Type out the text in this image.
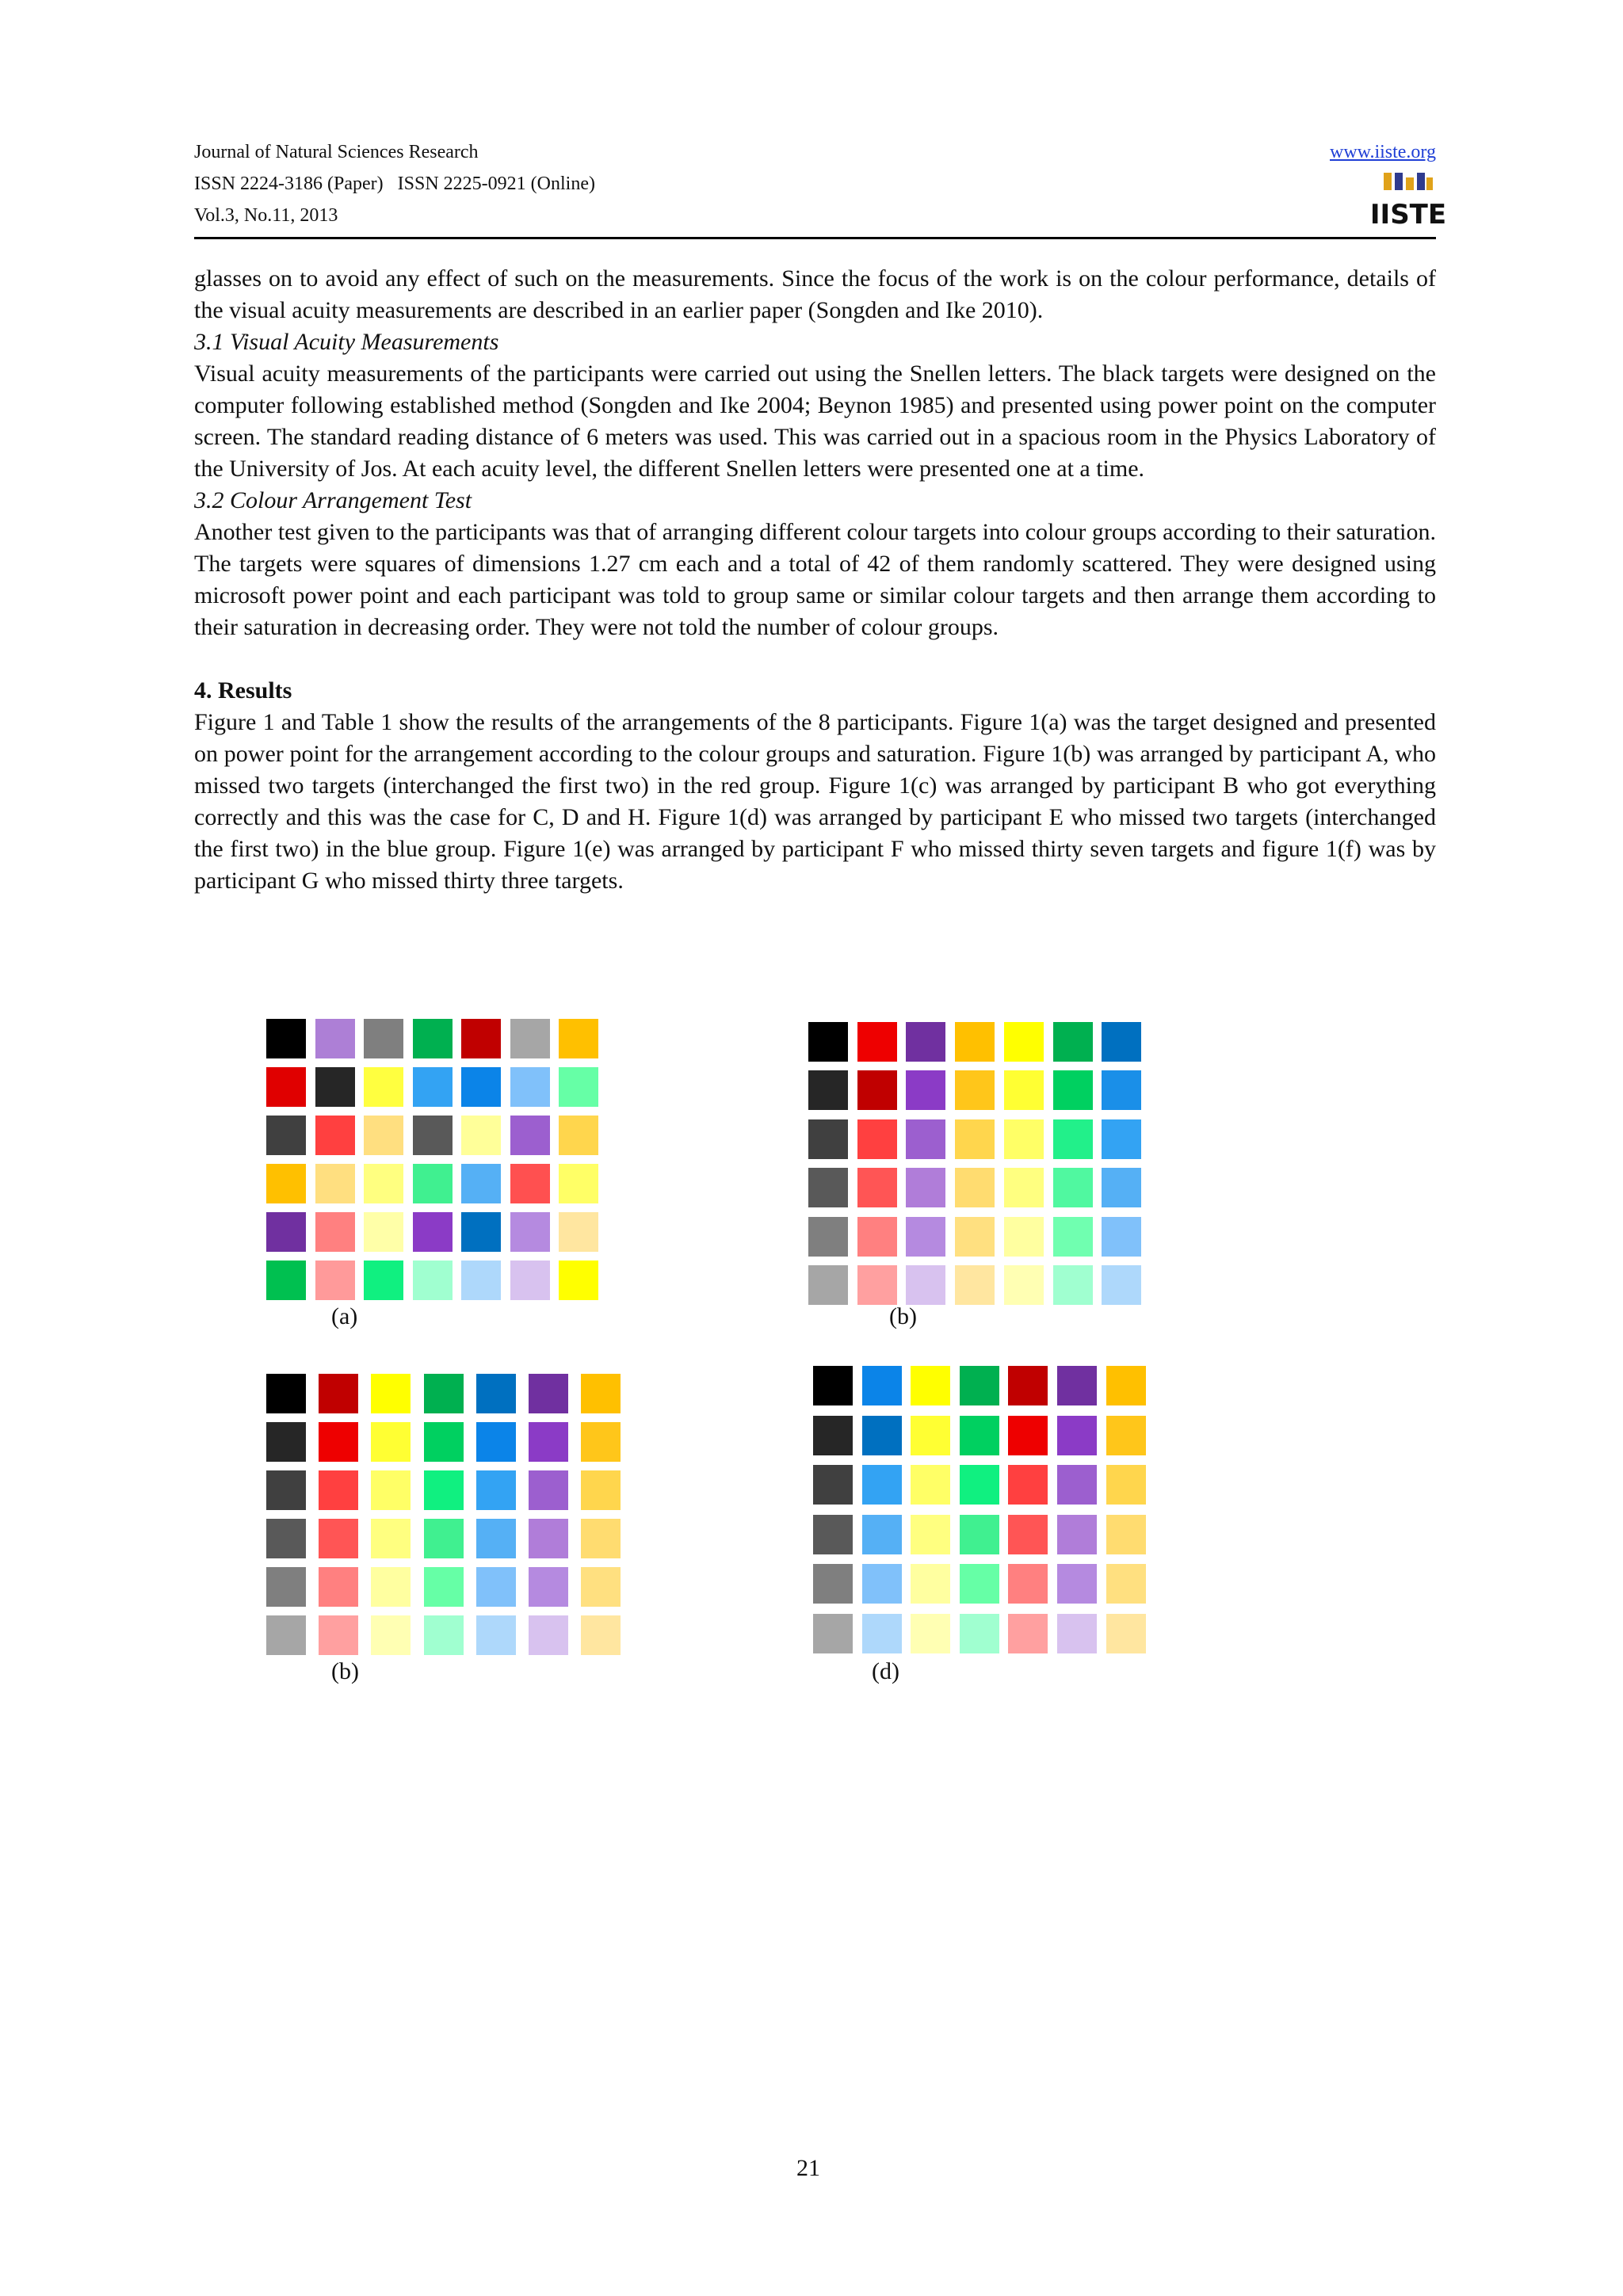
Journal of Natural Sciences Research
ISSN 2224-3186 (Paper)   ISSN 2225-0921 (Online)
Vol.3, No.11, 2013
www.iiste.org
IISTE

glasses on to avoid any effect of such on the measurements. Since the focus of the work is on the colour performance, details of the visual acuity measurements are described in an earlier paper (Songden and Ike 2010).

3.1 Visual Acuity Measurements

Visual acuity measurements of the participants were carried out using the Snellen letters. The black targets were designed on the computer following established method (Songden and Ike 2004; Beynon 1985) and presented using power point on the computer screen. The standard reading distance of 6 meters was used. This was carried out in a spacious room in the Physics Laboratory of the University of Jos. At each acuity level, the different Snellen letters were presented one at a time.

3.2 Colour Arrangement Test

Another test given to the participants was that of arranging different colour targets into colour groups according to their saturation. The targets were squares of dimensions 1.27 cm each and a total of 42 of them randomly scattered. They were designed using microsoft power point and each participant was told to group same or similar colour targets and then arrange them according to their saturation in decreasing order. They were not told the number of colour groups.

4. Results

Figure 1 and Table 1 show the results of the arrangements of the 8 participants. Figure 1(a) was the target designed and presented on power point for the arrangement according to the colour groups and saturation. Figure 1(b) was arranged by participant A, who missed two targets (interchanged the first two) in the red group. Figure 1(c) was arranged by participant B who got everything correctly and this was the case for C, D and H. Figure 1(d) was arranged by participant E who missed two targets (interchanged the first two) in the blue group. Figure 1(e) was arranged by participant F who missed thirty seven targets and figure 1(f) was by participant G who missed thirty three targets.

(a)	(b)
(b)	(d)
21
